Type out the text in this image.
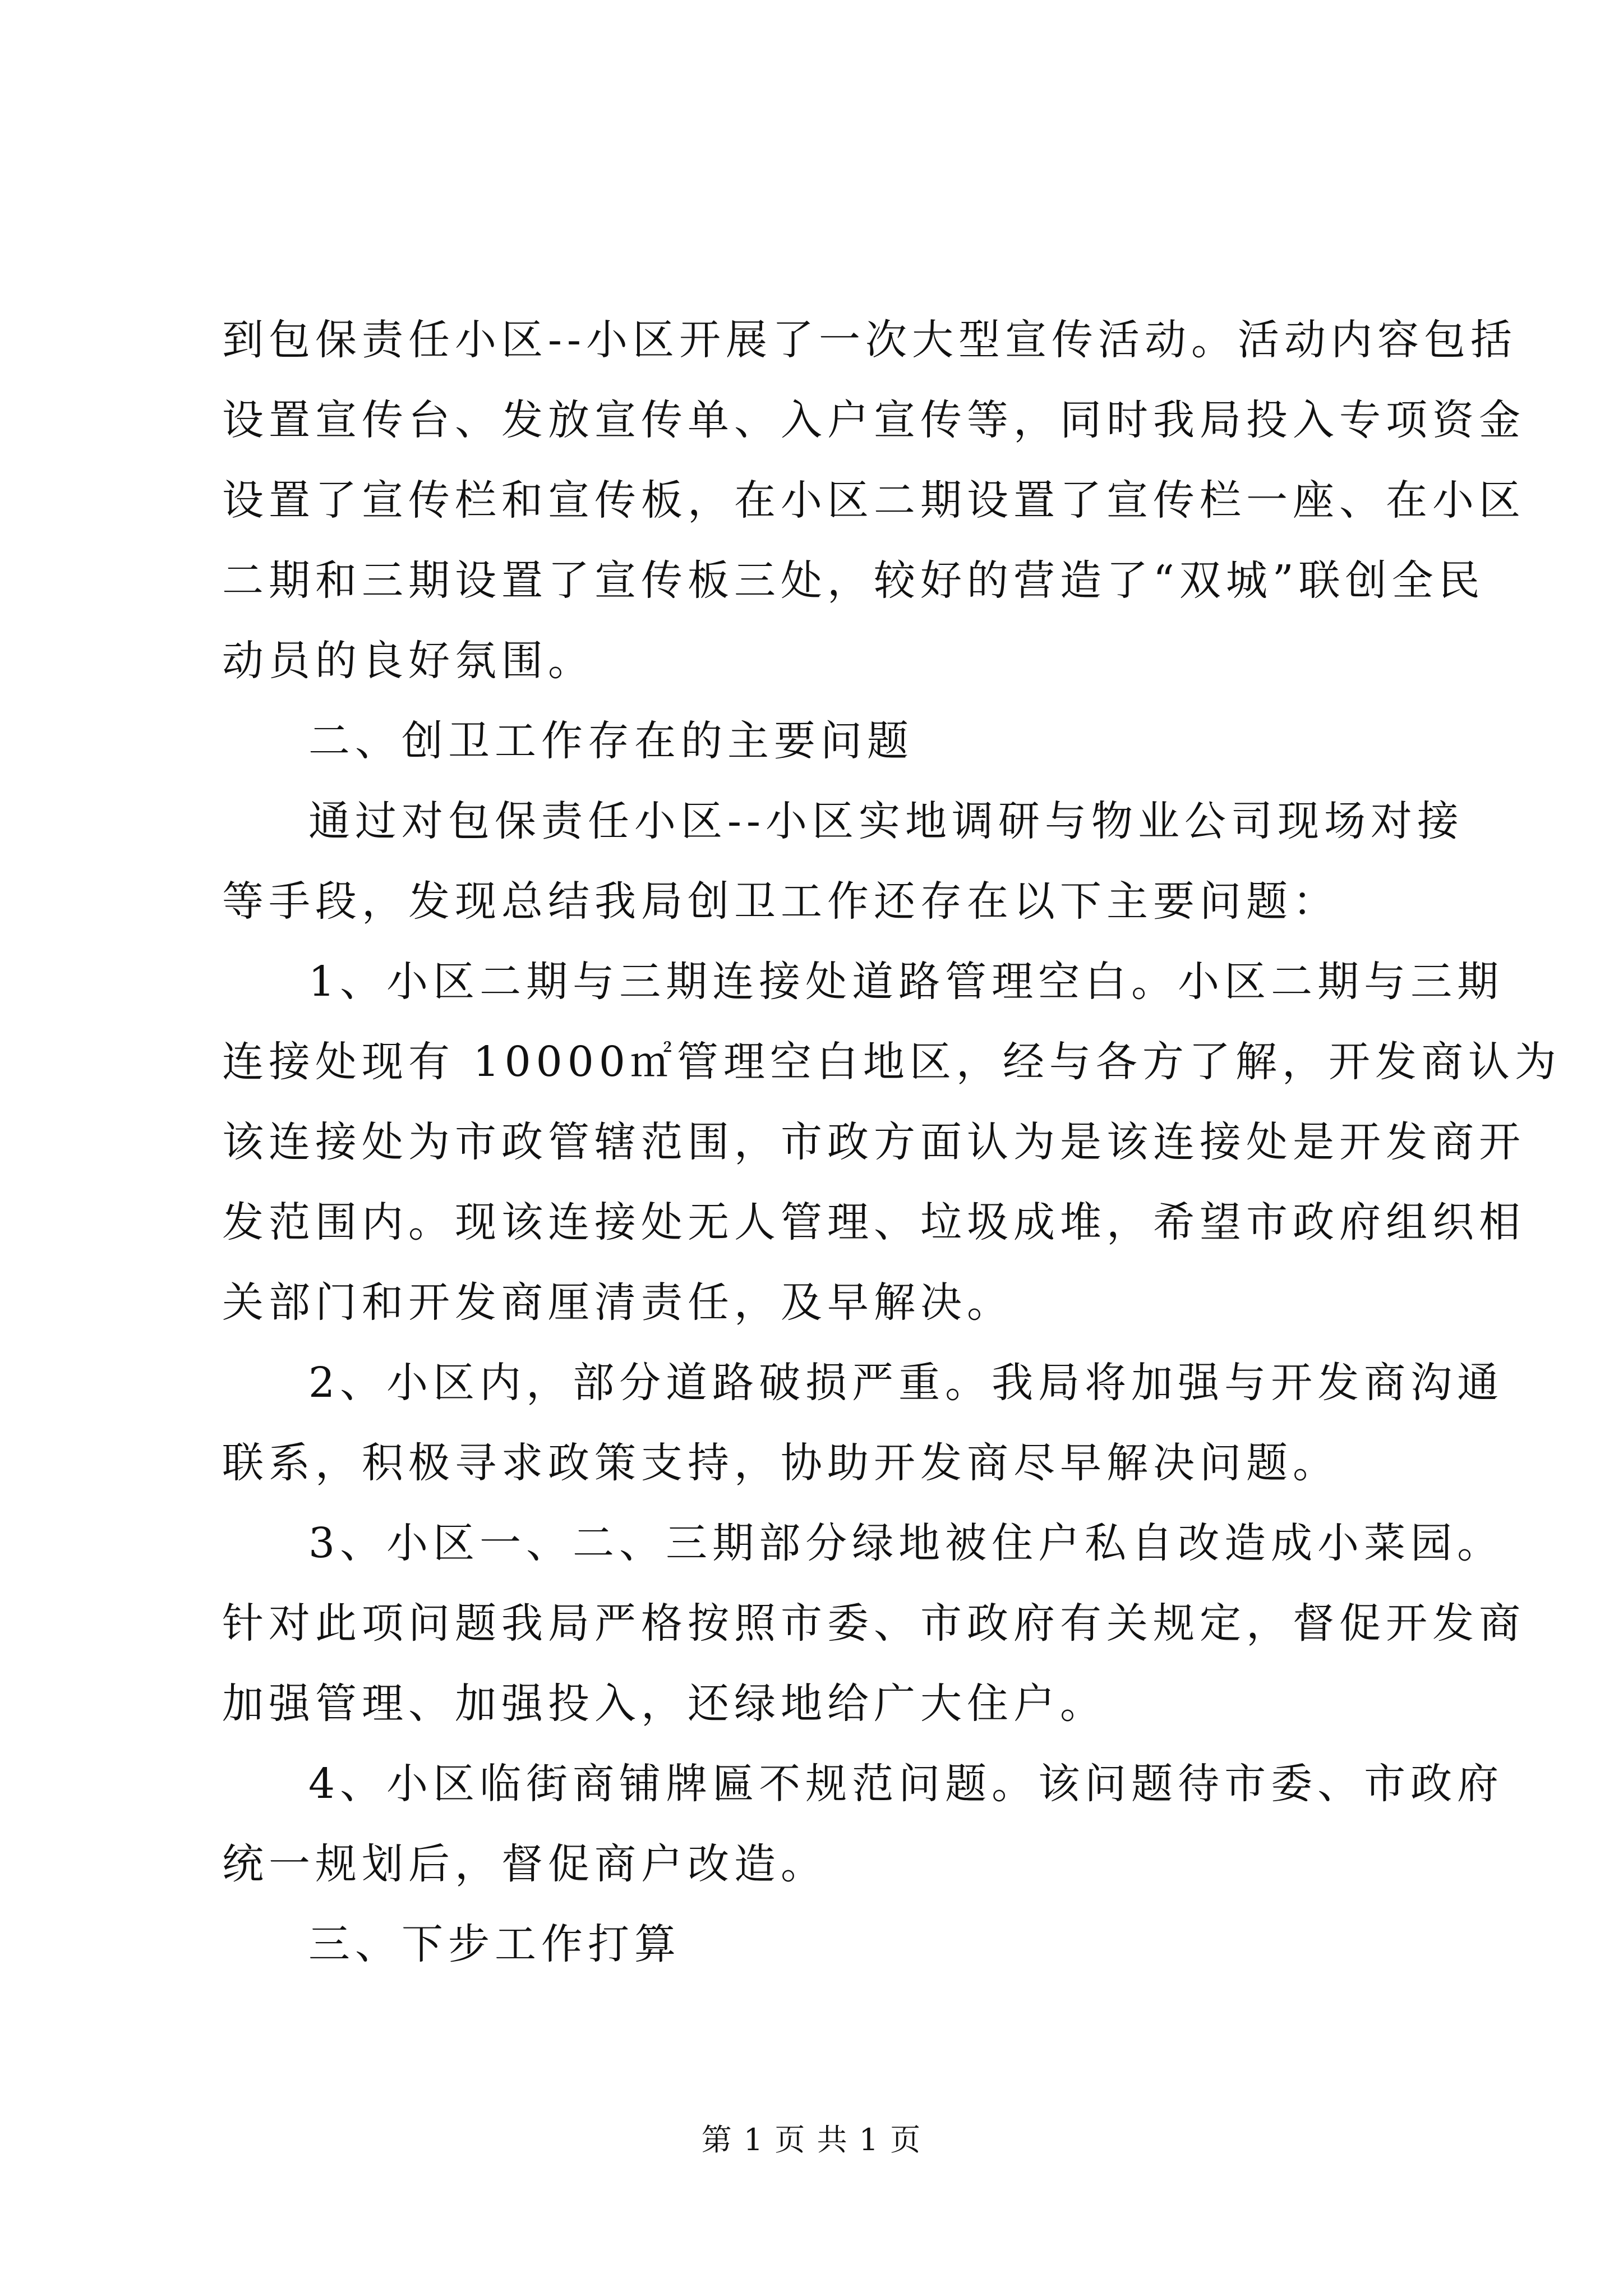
到包保责任小区--小区开展了一次大型宣传活动。活动内容包括
设置宣传台、发放宣传单、入户宣传等，同时我局投入专项资金
设置了宣传栏和宣传板，在小区二期设置了宣传栏一座、在小区
二期和三期设置了宣传板三处，较好的营造了“双城”联创全民
动员的良好氛围。
二、创卫工作存在的主要问题
通过对包保责任小区--小区实地调研与物业公司现场对接
等手段，发现总结我局创卫工作还存在以下主要问题：
1、小区二期与三期连接处道路管理空白。小区二期与三期
连接处现有 10000㎡管理空白地区，经与各方了解，开发商认为
该连接处为市政管辖范围，市政方面认为是该连接处是开发商开
发范围内。现该连接处无人管理、垃圾成堆，希望市政府组织相
关部门和开发商厘清责任，及早解决。
2、小区内，部分道路破损严重。我局将加强与开发商沟通
联系，积极寻求政策支持，协助开发商尽早解决问题。
3、小区一、二、三期部分绿地被住户私自改造成小菜园。
针对此项问题我局严格按照市委、市政府有关规定，督促开发商
加强管理、加强投入，还绿地给广大住户。
4、小区临街商铺牌匾不规范问题。该问题待市委、市政府
统一规划后，督促商户改造。
三、下步工作打算
第 1 页 共 1 页
